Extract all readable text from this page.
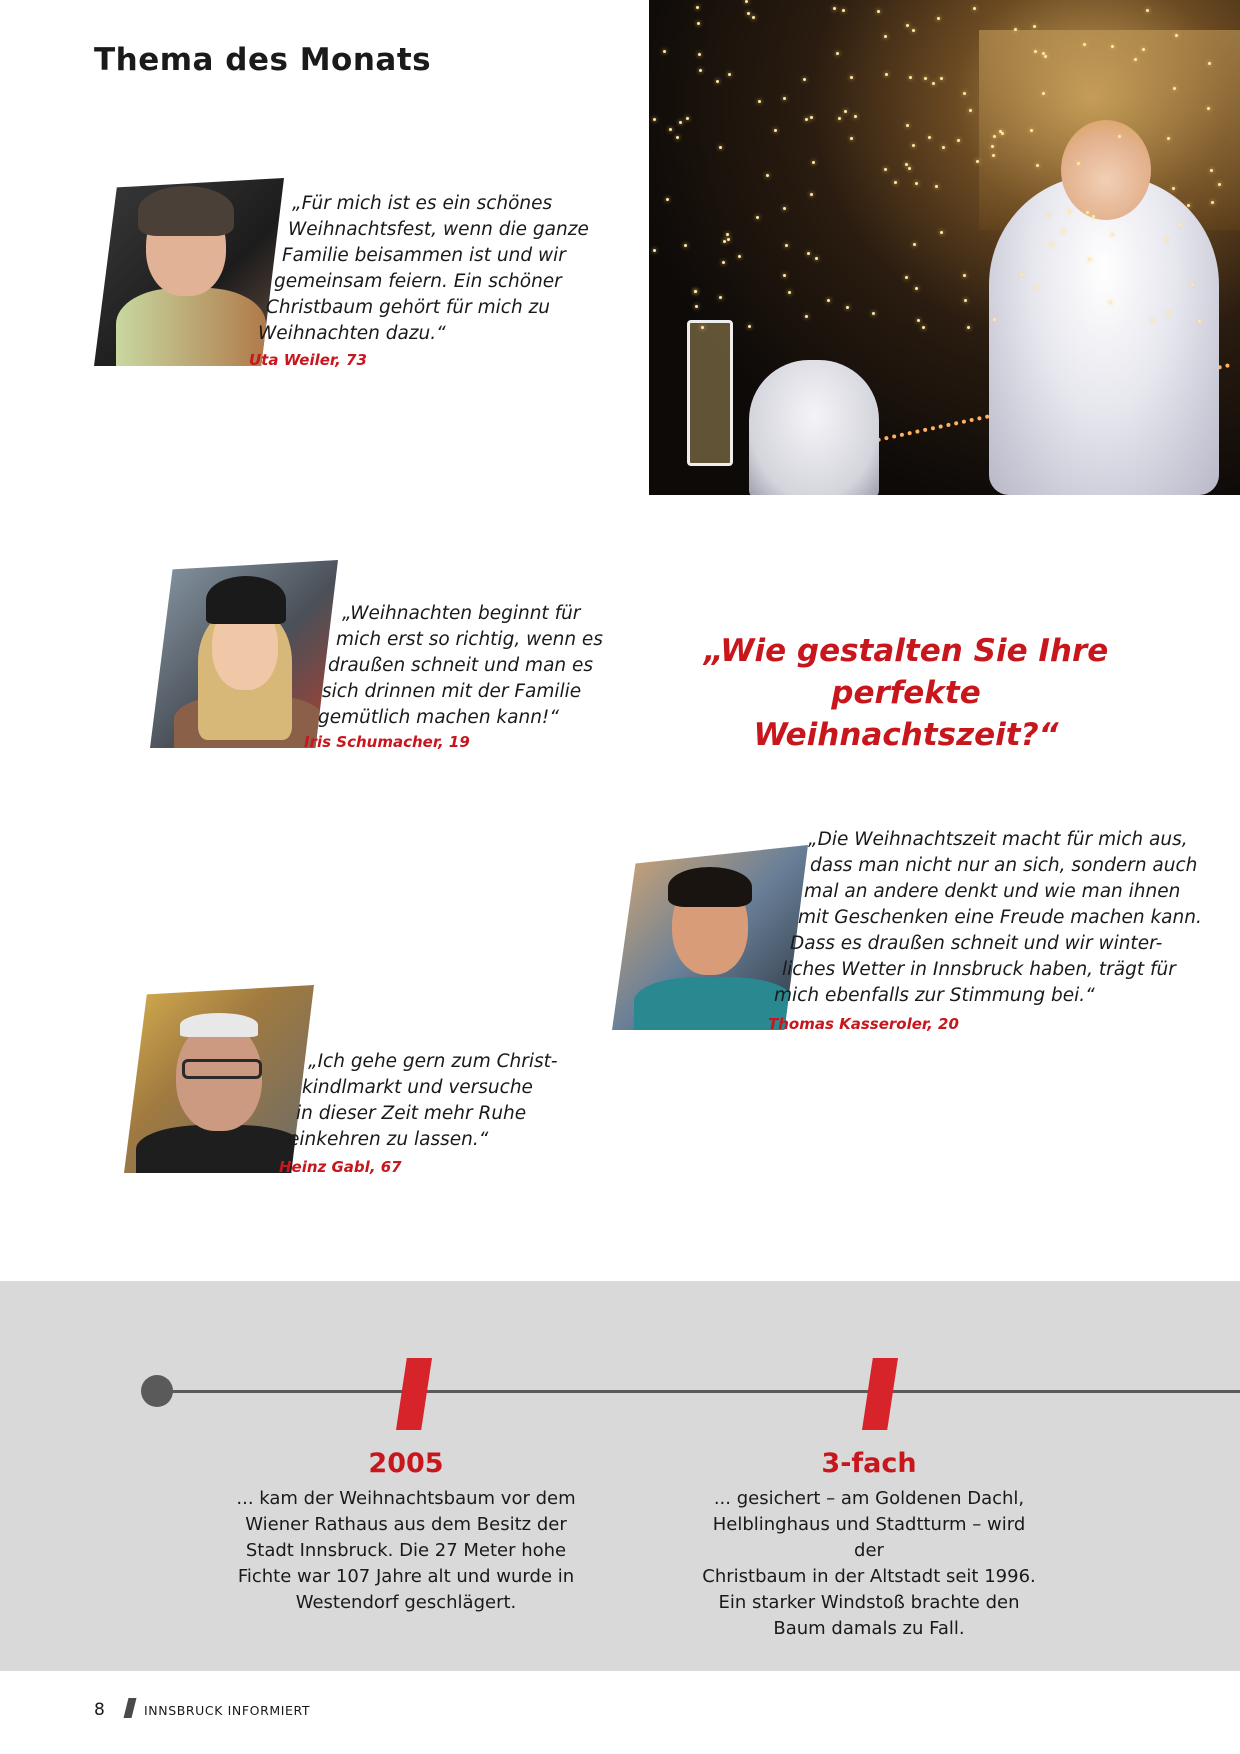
Thema des Monats
„Für mich ist es ein schönes
Weihnachtsfest, wenn die ganze
Familie beisammen ist und wir
gemeinsam feiern. Ein schöner
Christbaum gehört für mich zu
Weihnachten dazu.“
Uta Weiler, 73
„Weihnachten beginnt für
mich erst so richtig, wenn es
draußen schneit und man es
sich drinnen mit der Familie
gemütlich machen kann!“
Iris Schumacher, 19
„Wie gestalten Sie Ihre
perfekte Weihnachtszeit?“
„Die Weihnachtszeit macht für mich aus,
dass man nicht nur an sich, sondern auch
mal an andere denkt und wie man ihnen
mit Geschenken eine Freude machen kann.
Dass es draußen schneit und wir winter-
liches Wetter in Innsbruck haben, trägt für
mich ebenfalls zur Stimmung bei.“
Thomas Kasseroler, 20
„Ich gehe gern zum Christ-
kindlmarkt und versuche
in dieser Zeit mehr Ruhe
einkehren zu lassen.“
Heinz Gabl, 67
2005
... kam der Weihnachtsbaum vor dem
Wiener Rathaus aus dem Besitz der
Stadt Innsbruck. Die 27 Meter hohe
Fichte war 107 Jahre alt und wurde in
Westendorf geschlägert.
3-fach
... gesichert – am Goldenen Dachl,
Helblinghaus und Stadtturm – wird der
Christbaum in der Altstadt seit 1996.
Ein starker Windstoß brachte den
Baum damals zu Fall.
8	INNSBRUCK INFORMIERT
